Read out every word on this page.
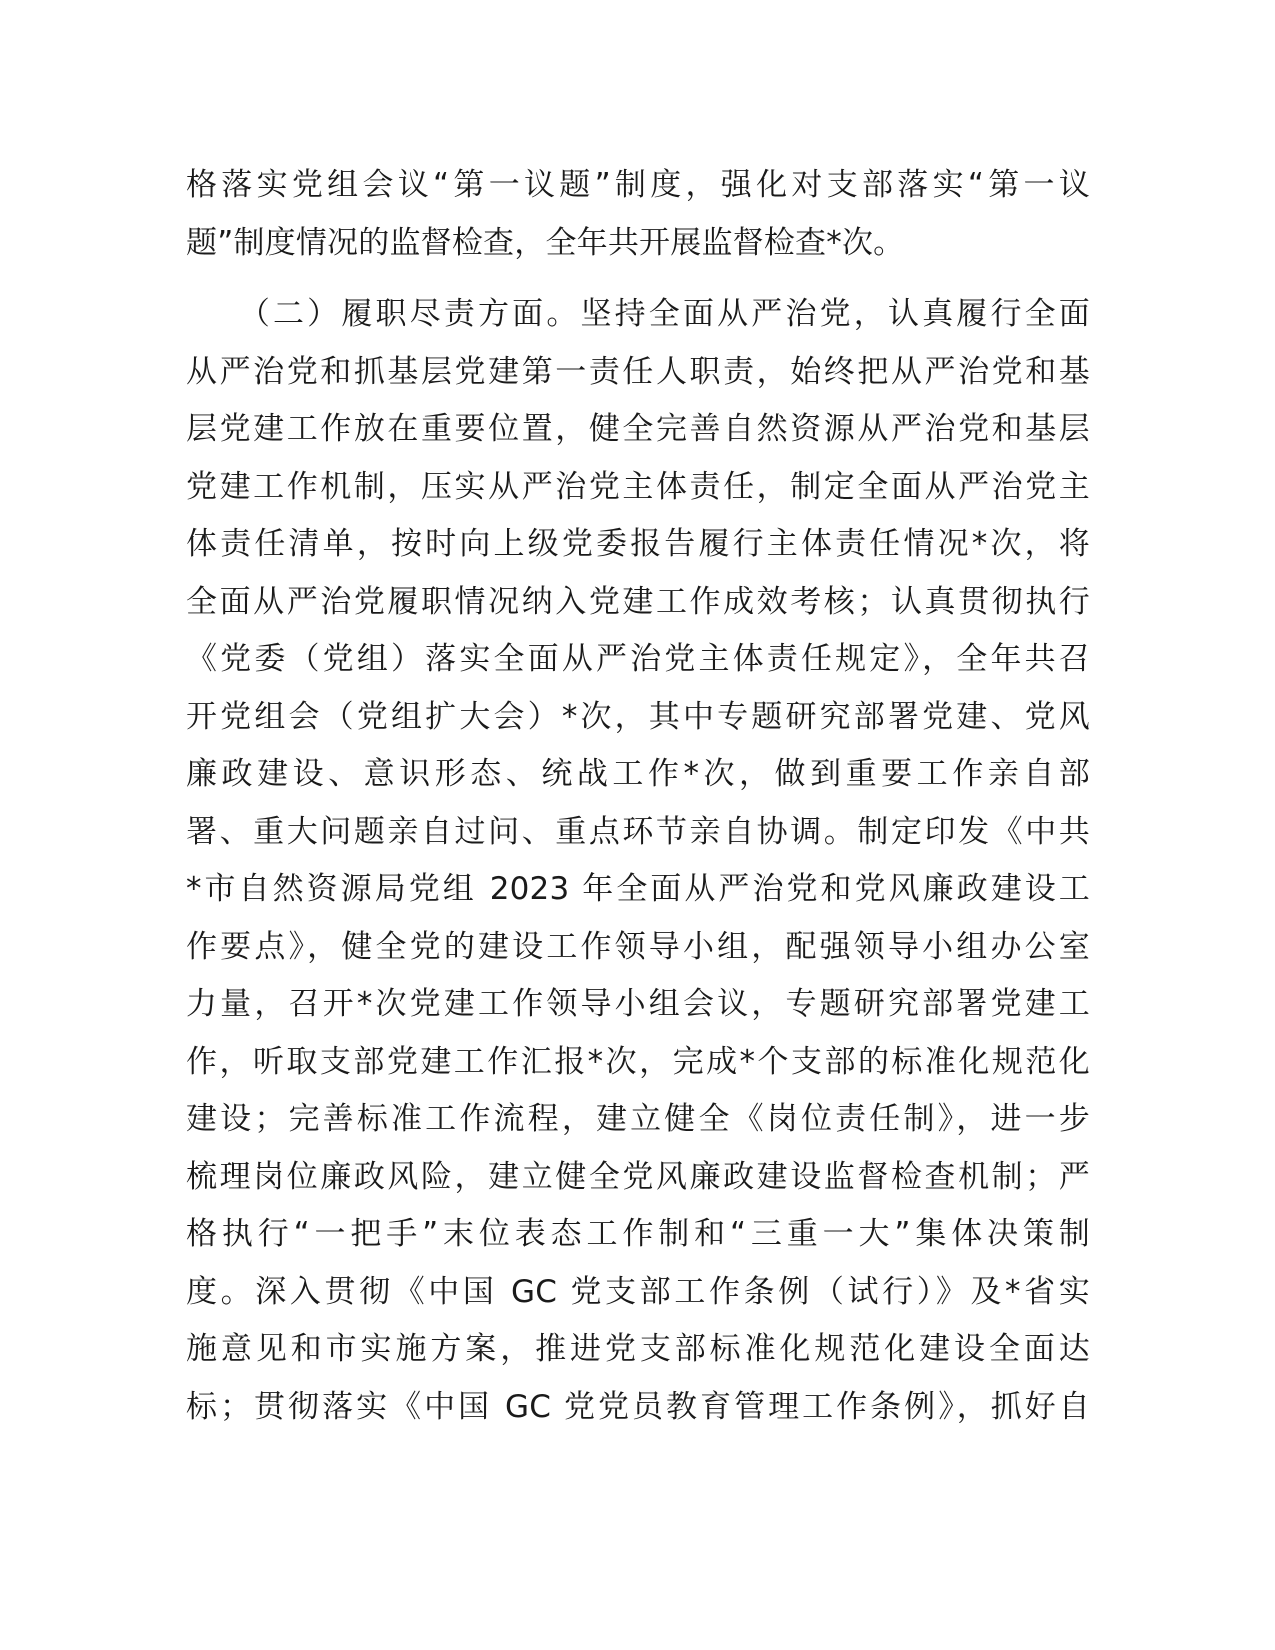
格落实党组会议“第一议题”制度，强化对支部落实“第一议
题”制度情况的监督检查，全年共开展监督检查*次。
　　（二）履职尽责方面。坚持全面从严治党，认真履行全面
从严治党和抓基层党建第一责任人职责，始终把从严治党和基
层党建工作放在重要位置，健全完善自然资源从严治党和基层
党建工作机制，压实从严治党主体责任，制定全面从严治党主
体责任清单，按时向上级党委报告履行主体责任情况*次，将
全面从严治党履职情况纳入党建工作成效考核；认真贯彻执行
《党委（党组）落实全面从严治党主体责任规定》，全年共召
开党组会（党组扩大会）*次，其中专题研究部署党建、党风
廉政建设、意识形态、统战工作*次，做到重要工作亲自部
署、重大问题亲自过问、重点环节亲自协调。制定印发《中共
*市自然资源局党组 2023 年全面从严治党和党风廉政建设工
作要点》，健全党的建设工作领导小组，配强领导小组办公室
力量，召开*次党建工作领导小组会议，专题研究部署党建工
作，听取支部党建工作汇报*次，完成*个支部的标准化规范化
建设；完善标准工作流程，建立健全《岗位责任制》，进一步
梳理岗位廉政风险，建立健全党风廉政建设监督检查机制；严
格执行“一把手”末位表态工作制和“三重一大”集体决策制
度。深入贯彻《中国 GC 党支部工作条例（试行）》及*省实
施意见和市实施方案，推进党支部标准化规范化建设全面达
标；贯彻落实《中国 GC 党党员教育管理工作条例》，抓好自
